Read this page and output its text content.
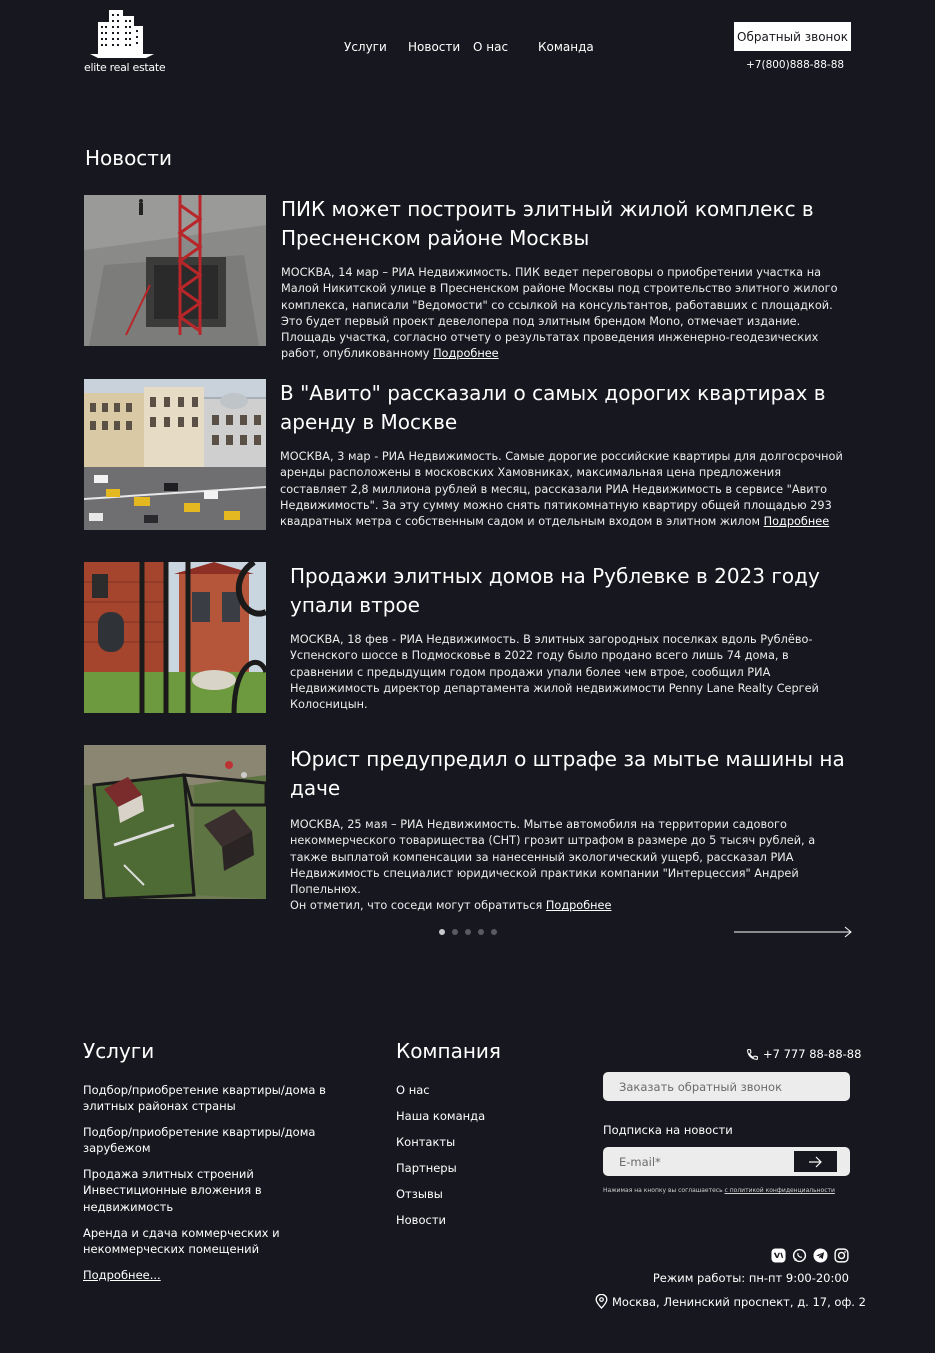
elite real estate
Услуги Новости О нас Команда
Обратный звонок
+7(800)888-88-88
Новости
ПИК может построить элитный жилой комплекс в Пресненском районе Москвы

МОСКВА, 14 мар – РИА Недвижимость. ПИК ведет переговоры о приобретении участка на Малой Никитской улице в Пресненском районе Москвы под строительство элитного жилого комплекса, написали "Ведомости" со ссылкой на консультантов, работавших с площадкой. Это будет первый проект девелопера под элитным брендом Mono, отмечает издание. Площадь участка, согласно отчету о результатах проведения инженерно-геодезических работ, опубликованному Подробнее

В "Авито" рассказали о самых дорогих квартирах в аренду в Москве

МОСКВА, 3 мар - РИА Недвижимость. Самые дорогие российские квартиры для долгосрочной аренды расположены в московских Хамовниках, максимальная цена предложения составляет 2,8 миллиона рублей в месяц, рассказали РИА Недвижимость в сервисе "Авито Недвижимость". За эту сумму можно снять пятикомнатную квартиру общей площадью 293 квадратных метра с собственным садом и отдельным входом в элитном жилом Подробнее

Продажи элитных домов на Рублевке в 2023 году упали втрое

МОСКВА, 18 фев - РИА Недвижимость. В элитных загородных поселках вдоль Рублёво-Успенского шоссе в Подмосковье в 2022 году было продано всего лишь 74 дома, в сравнении с предыдущим годом продажи упали более чем втрое, сообщил РИА Недвижимость директор департамента жилой недвижимости Penny Lane Realty Сергей Колосницын.

Юрист предупредил о штрафе за мытье машины на даче

МОСКВА, 25 мая – РИА Недвижимость. Мытье автомобиля на территории садового некоммерческого товарищества (СНТ) грозит штрафом в размере до 5 тысяч рублей, а также выплатой компенсации за нанесенный экологический ущерб, рассказал РИА Недвижимость специалист юридической практики компании "Интерцессия" Андрей Попельнюх.
Он отметил, что соседи могут обратиться Подробнее

Услуги
Подбор/приобретение квартиры/дома в элитных районах страны
Подбор/приобретение квартиры/дома зарубежом
Продажа элитных строений Инвестиционные вложения в недвижимость
Аренда и сдача коммерческих и некоммерческих помещений
Подробнее...
Компания
О нас
Наша команда
Контакты
Партнеры
Отзывы
Новости
+7 777 88-88-88
Заказать обратный звонок
Подписка на новости
E-mail*
Нажимая на кнопку вы соглашаетесь с политикой конфиденциальности
Режим работы: пн-пт 9:00-20:00
Москва, Ленинский проспект, д. 17, оф. 2
